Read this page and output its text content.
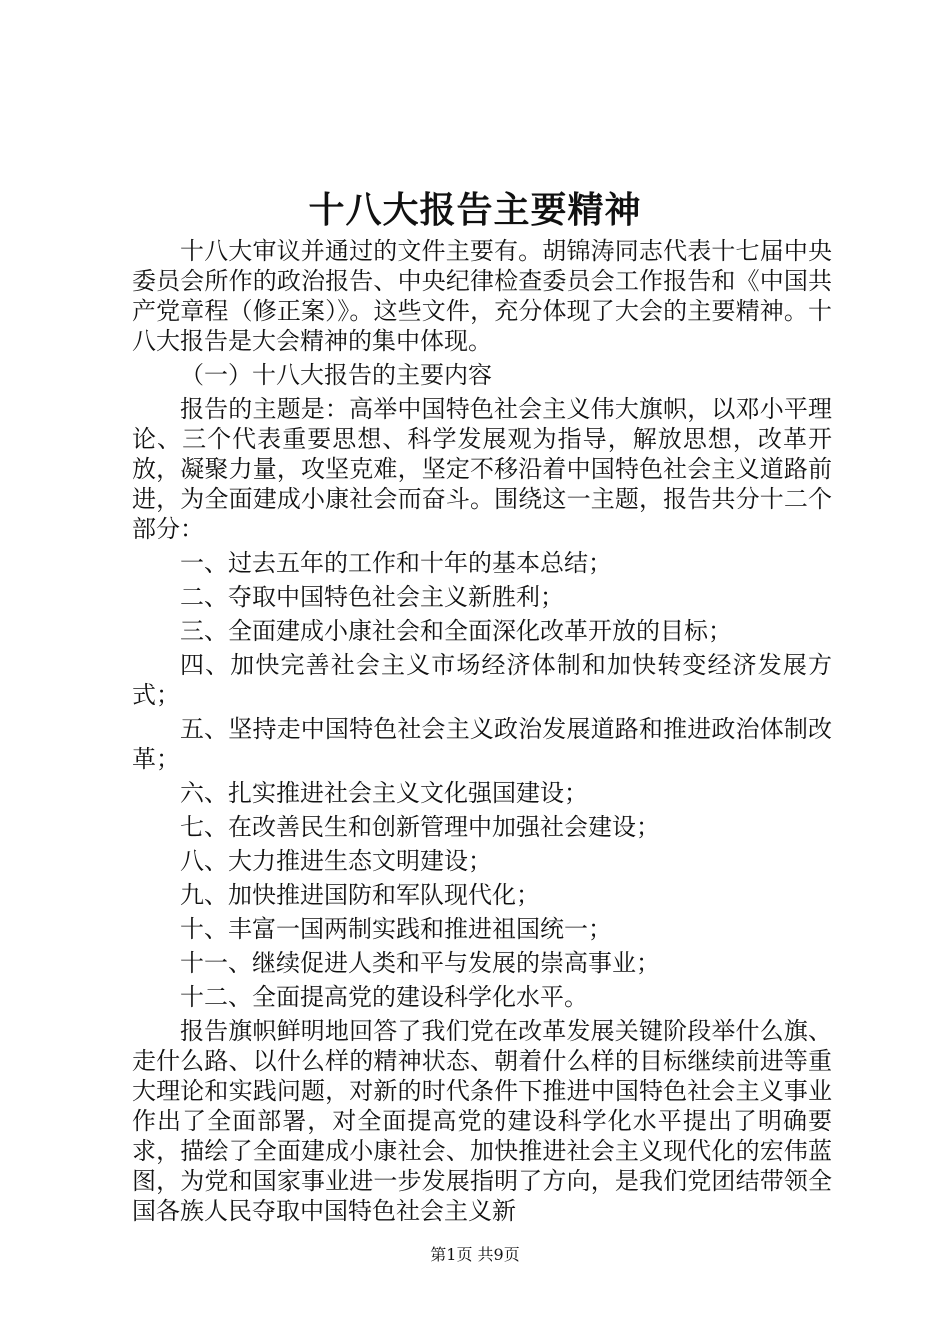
十八大报告主要精神

十八大审议并通过的文件主要有。胡锦涛同志代表十七届中央委员会所作的政治报告、中央纪律检查委员会工作报告和《中国共产党章程（修正案）》。这些文件，充分体现了大会的主要精神。十八大报告是大会精神的集中体现。

（一）十八大报告的主要内容

报告的主题是：高举中国特色社会主义伟大旗帜，以邓小平理论、三个代表重要思想、科学发展观为指导，解放思想，改革开放，凝聚力量，攻坚克难，坚定不移沿着中国特色社会主义道路前进，为全面建成小康社会而奋斗。围绕这一主题，报告共分十二个部分：

一、过去五年的工作和十年的基本总结；

二、夺取中国特色社会主义新胜利；

三、全面建成小康社会和全面深化改革开放的目标；

四、加快完善社会主义市场经济体制和加快转变经济发展方式；

五、坚持走中国特色社会主义政治发展道路和推进政治体制改革；

六、扎实推进社会主义文化强国建设；

七、在改善民生和创新管理中加强社会建设；

八、大力推进生态文明建设；

九、加快推进国防和军队现代化；

十、丰富一国两制实践和推进祖国统一；

十一、继续促进人类和平与发展的崇高事业；

十二、全面提高党的建设科学化水平。

报告旗帜鲜明地回答了我们党在改革发展关键阶段举什么旗、走什么路、以什么样的精神状态、朝着什么样的目标继续前进等重大理论和实践问题，对新的时代条件下推进中国特色社会主义事业作出了全面部署，对全面提高党的建设科学化水平提出了明确要求，描绘了全面建成小康社会、加快推进社会主义现代化的宏伟蓝图，为党和国家事业进一步发展指明了方向，是我们党团结带领全国各族人民夺取中国特色社会主义新

第1页 共9页
